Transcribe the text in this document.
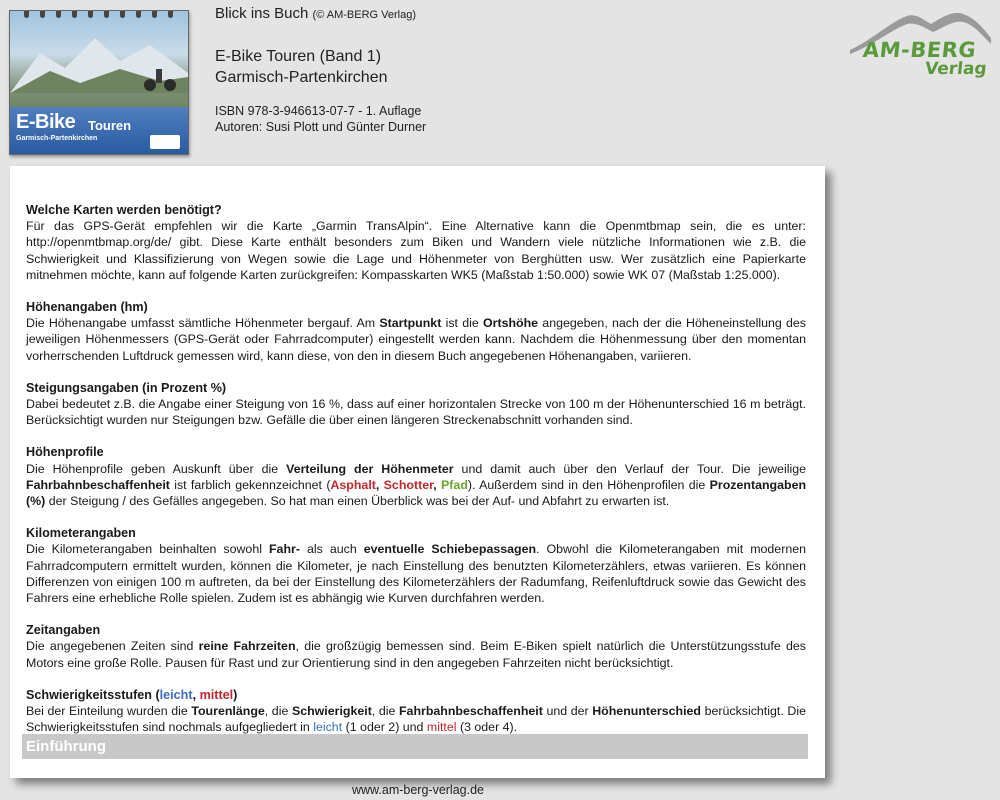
E-Bike Touren
Garmisch-Partenkirchen
Blick ins Buch (© AM-BERG Verlag)
E-Bike Touren (Band 1)
Garmisch-Partenkirchen
ISBN 978-3-946613-07-7 - 1. Auflage
Autoren: Susi Plott und Günter Durner
AM-BERG
Verlag
Welche Karten werden benötigt?

Für das GPS-Gerät empfehlen wir die Karte „Garmin TransAlpin“. Eine Alternative kann die Openmtbmap sein, die es unter: http://openmtbmap.org/de/ gibt. Diese Karte enthält besonders zum Biken und Wandern viele nützliche Informationen wie z.B. die Schwierigkeit und Klassifizierung von Wegen sowie die Lage und Höhenmeter von Berghütten usw. Wer zusätzlich eine Papierkarte mitnehmen möchte, kann auf folgende Karten zurückgreifen: Kompasskarten WK5 (Maßstab 1:50.000) sowie WK 07 (Maßstab 1:25.000).

Höhenangaben (hm)

Die Höhenangabe umfasst sämtliche Höhenmeter bergauf. Am Startpunkt ist die Ortshöhe angegeben, nach der die Höheneinstellung des jeweiligen Höhenmessers (GPS-Gerät oder Fahrradcomputer) eingestellt werden kann. Nachdem die Höhenmessung über den momentan vorherrschenden Luftdruck gemessen wird, kann diese, von den in diesem Buch angegebenen Höhenangaben, variieren.

Steigungsangaben (in Prozent %)

Dabei bedeutet z.B. die Angabe einer Steigung von 16 %, dass auf einer horizontalen Strecke von 100 m der Höhenunterschied 16 m beträgt. Berücksichtigt wurden nur Steigungen bzw. Gefälle die über einen längeren Streckenabschnitt vorhanden sind.

Höhenprofile

Die Höhenprofile geben Auskunft über die Verteilung der Höhenmeter und damit auch über den Verlauf der Tour. Die jeweilige Fahrbahnbeschaffenheit ist farblich gekennzeichnet (Asphalt, Schotter, Pfad). Außerdem sind in den Höhenprofilen die Prozentangaben (%) der Steigung / des Gefälles angegeben. So hat man einen Überblick was bei der Auf- und Abfahrt zu erwarten ist.

Kilometerangaben

Die Kilometerangaben beinhalten sowohl Fahr- als auch eventuelle Schiebepassagen. Obwohl die Kilometerangaben mit modernen Fahrradcomputern ermittelt wurden, können die Kilometer, je nach Einstellung des benutzten Kilometerzählers, etwas variieren. Es können Differenzen von einigen 100 m auftreten, da bei der Einstellung des Kilometerzählers der Radumfang, Reifenluftdruck sowie das Gewicht des Fahrers eine erhebliche Rolle spielen. Zudem ist es abhängig wie Kurven durchfahren werden.

Zeitangaben

Die angegebenen Zeiten sind reine Fahrzeiten, die großzügig bemessen sind. Beim E-Biken spielt natürlich die Unterstützungsstufe des Motors eine große Rolle. Pausen für Rast und zur Orientierung sind in den angegeben Fahrzeiten nicht berücksichtigt.

Schwierigkeitsstufen (leicht, mittel)

Bei der Einteilung wurden die Tourenlänge, die Schwierigkeit, die Fahrbahnbeschaffenheit und der Höhenunterschied berücksichtigt. Die Schwierigkeitsstufen sind nochmals aufgegliedert in leicht (1 oder 2) und mittel (3 oder 4).

Einführung
www.am-berg-verlag.de
